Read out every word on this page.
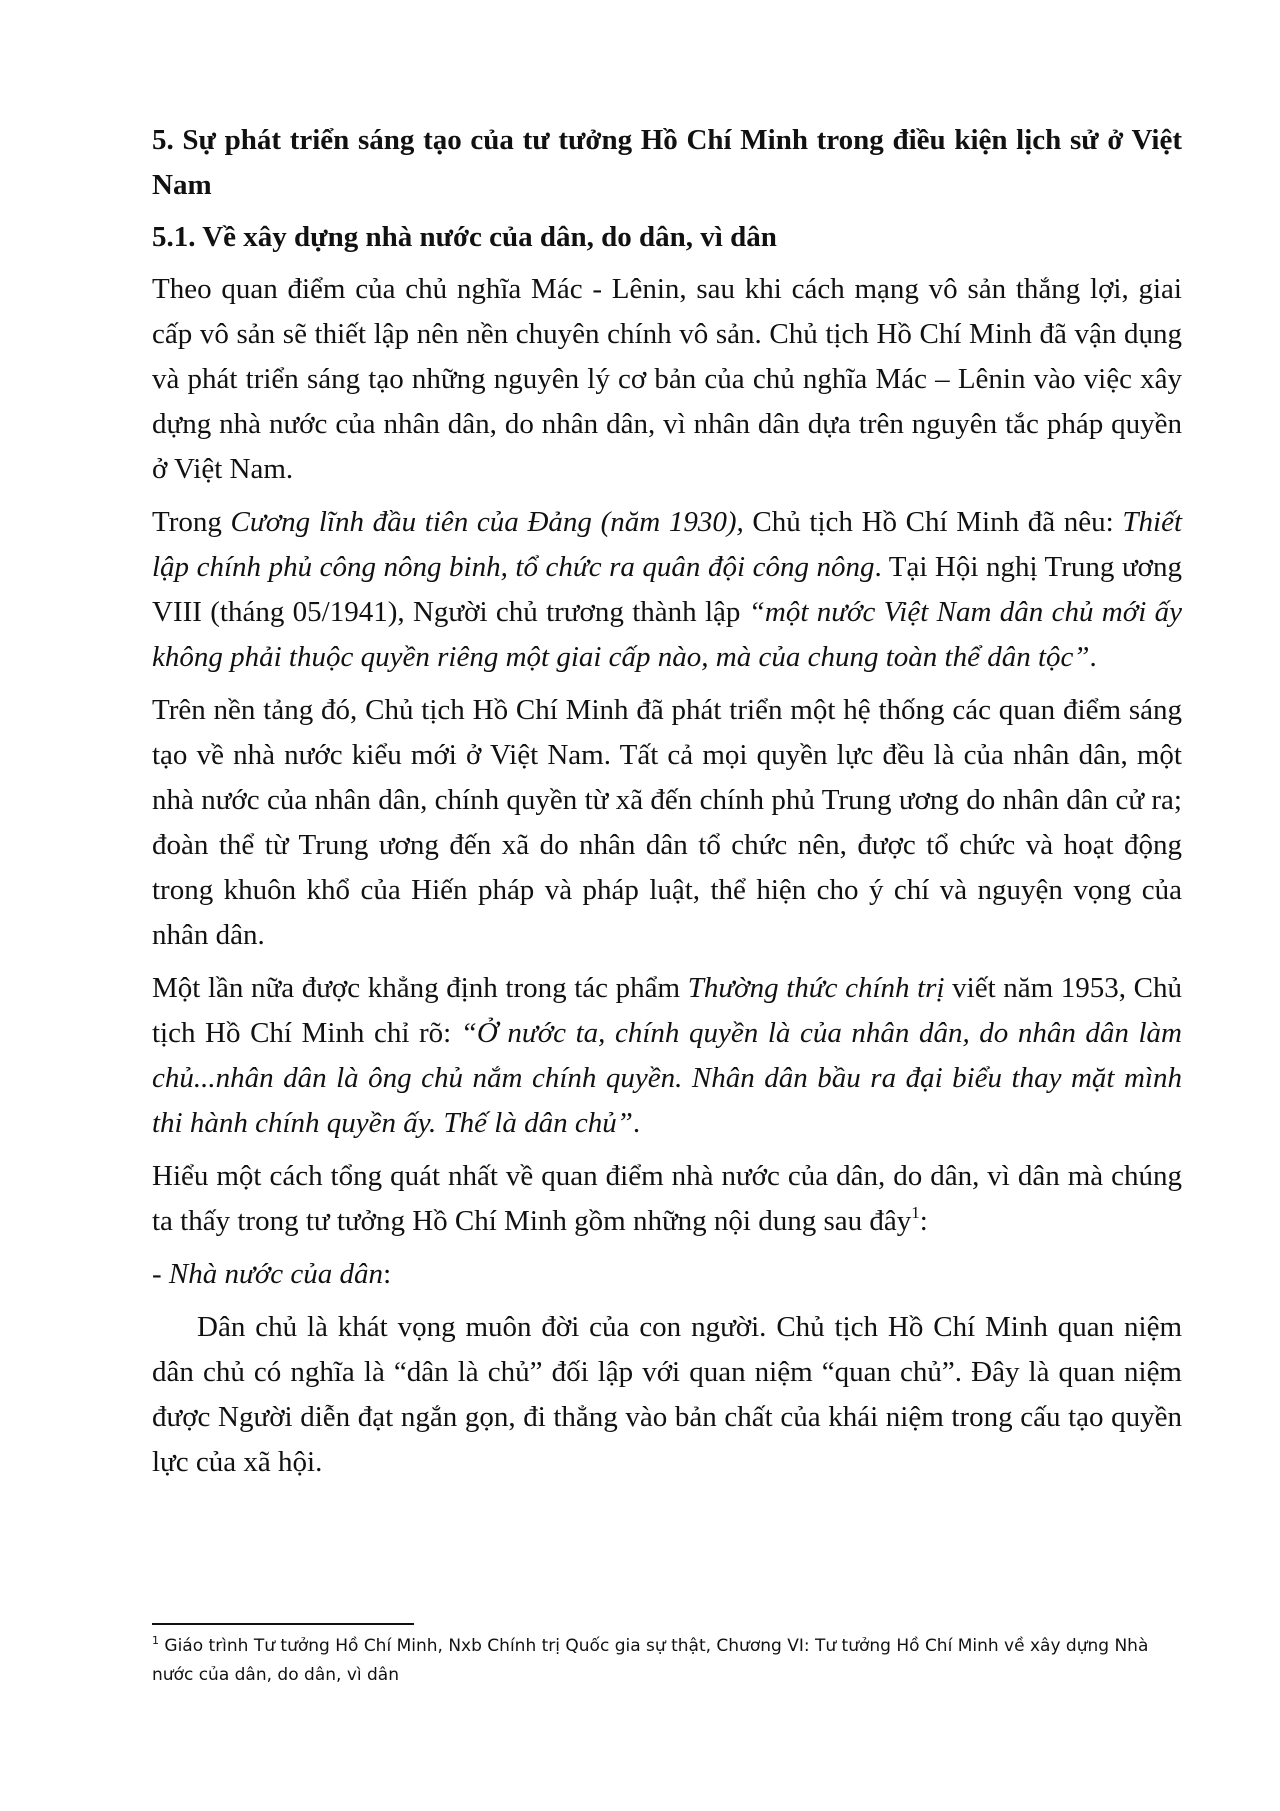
5. Sự phát triển sáng tạo của tư tưởng Hồ Chí Minh trong điều kiện lịch sử ở Việt Nam
5.1. Về xây dựng nhà nước của dân, do dân, vì dân

Theo quan điểm của chủ nghĩa Mác - Lênin, sau khi cách mạng vô sản thắng lợi, giai cấp vô sản sẽ thiết lập nên nền chuyên chính vô sản. Chủ tịch Hồ Chí Minh đã vận dụng và phát triển sáng tạo những nguyên lý cơ bản của chủ nghĩa Mác – Lênin vào việc xây dựng nhà nước của nhân dân, do nhân dân, vì nhân dân dựa trên nguyên tắc pháp quyền ở Việt Nam.

Trong Cương lĩnh đầu tiên của Đảng (năm 1930), Chủ tịch Hồ Chí Minh đã nêu: Thiết lập chính phủ công nông binh, tổ chức ra quân đội công nông. Tại Hội nghị Trung ương VIII (tháng 05/1941), Người chủ trương thành lập “một nước Việt Nam dân chủ mới ấy không phải thuộc quyền riêng một giai cấp nào, mà của chung toàn thể dân tộc”.

Trên nền tảng đó, Chủ tịch Hồ Chí Minh đã phát triển một hệ thống các quan điểm sáng tạo về nhà nước kiểu mới ở Việt Nam. Tất cả mọi quyền lực đều là của nhân dân, một nhà nước của nhân dân, chính quyền từ xã đến chính phủ Trung ương do nhân dân cử ra; đoàn thể từ Trung ương đến xã do nhân dân tổ chức nên, được tổ chức và hoạt động trong khuôn khổ của Hiến pháp và pháp luật, thể hiện cho ý chí và nguyện vọng của nhân dân.

Một lần nữa được khẳng định trong tác phẩm Thường thức chính trị viết năm 1953, Chủ tịch Hồ Chí Minh chỉ rõ: “Ở nước ta, chính quyền là của nhân dân, do nhân dân làm chủ...nhân dân là ông chủ nắm chính quyền. Nhân dân bầu ra đại biểu thay mặt mình thi hành chính quyền ấy. Thế là dân chủ”.

Hiểu một cách tổng quát nhất về quan điểm nhà nước của dân, do dân, vì dân mà chúng ta thấy trong tư tưởng Hồ Chí Minh gồm những nội dung sau đây$^1$:

- Nhà nước của dân:

Dân chủ là khát vọng muôn đời của con người. Chủ tịch Hồ Chí Minh quan niệm dân chủ có nghĩa là “dân là chủ” đối lập với quan niệm “quan chủ”. Đây là quan niệm được Người diễn đạt ngắn gọn, đi thẳng vào bản chất của khái niệm trong cấu tạo quyền lực của xã hội.

$^1$ Giáo trình Tư tưởng Hồ Chí Minh, Nxb Chính trị Quốc gia sự thật, Chương VI: Tư tưởng Hồ Chí Minh về xây dựng Nhà nước của dân, do dân, vì dân
